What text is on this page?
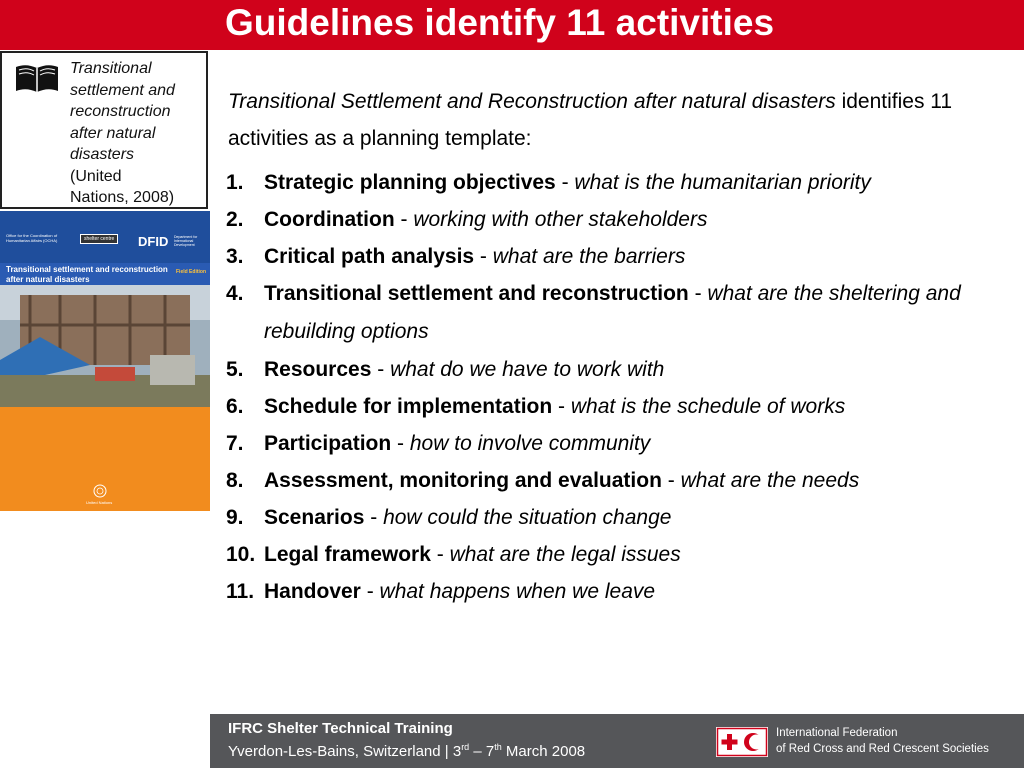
Guidelines identify 11 activities
Transitional
settlement and
reconstruction
after natural
disasters
(United
Nations, 2008)
Office for the Coordination of Humanitarian Affairs (OCHA)	shelter centre	DFID Department for International Development
Transitional settlement and reconstruction after natural disasters
Field Edition
United Nations
Transitional Settlement and Reconstruction after natural disasters identifies 11 activities as a planning template:
1. Strategic planning objectives - what is the humanitarian priority
2. Coordination - working with other stakeholders
3. Critical path analysis - what are the barriers
4. Transitional settlement and reconstruction - what are the sheltering and rebuilding options
5. Resources - what do we have to work with
6. Schedule for implementation - what is the schedule of works
7. Participation - how to involve community
8. Assessment, monitoring and evaluation - what are the needs
9. Scenarios - how could the situation change
10. Legal framework - what are the legal issues
11. Handover - what happens when we leave
IFRC Shelter Technical Training
Yverdon-Les-Bains, Switzerland | 3rd – 7th March 2008
International Federation
of Red Cross and Red Crescent Societies
